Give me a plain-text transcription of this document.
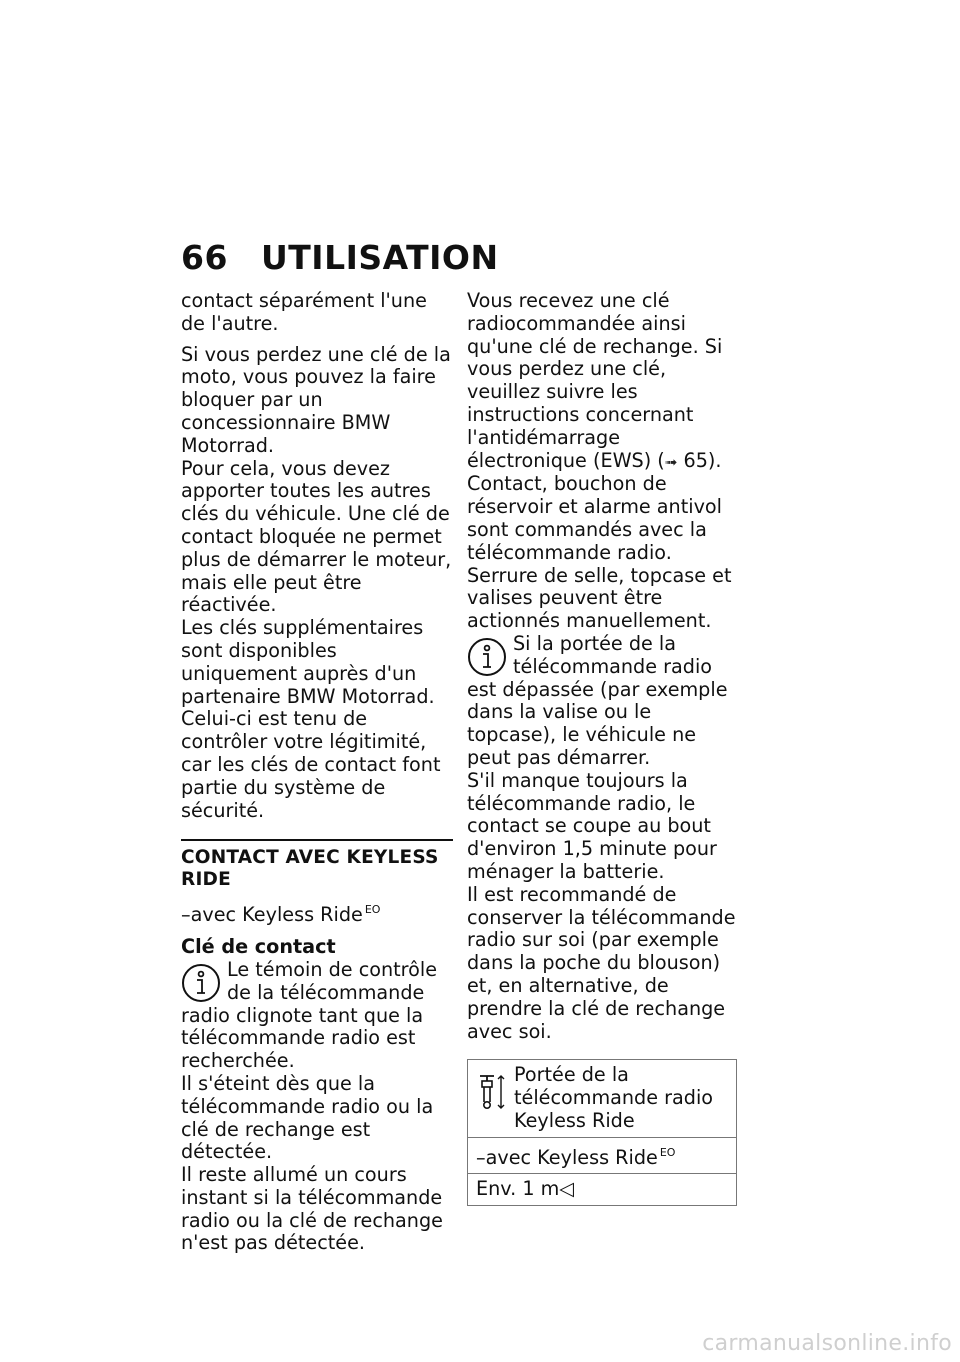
66 UTILISATION

contact séparément l'une de l'autre.

Si vous perdez une clé de la moto, vous pouvez la faire bloquer par un concessionnaire BMW Motorrad.

Pour cela, vous devez apporter toutes les autres clés du véhicule. Une clé de contact bloquée ne permet plus de démarrer le moteur, mais elle peut être réactivée.

Les clés supplémentaires sont disponibles uniquement auprès d'un partenaire BMW Motorrad. Celui-ci est tenu de contrôler votre légitimité, car les clés de contact font partie du système de sécurité.

CONTACT AVEC KEYLESS RIDE

–avec Keyless Ride $^{EO}$

Clé de contact

Le témoin de contrôle de la télécommande radio clignote tant que la télécommande radio est recherchée.

Il s'éteint dès que la télécommande radio ou la clé de rechange est détectée.

Il reste allumé un cours instant si la télécommande radio ou la clé de rechange n'est pas détectée.

Vous recevez une clé radiocommandée ainsi qu'une clé de rechange. Si vous perdez une clé, veuillez suivre les instructions concernant l'antidémarrage électronique (EWS) (➟ 65).

Contact, bouchon de réservoir et alarme antivol sont commandés avec la télécommande radio. Serrure de selle, topcase et valises peuvent être actionnés manuellement.

Si la portée de la télécommande radio est dépassée (par exemple dans la valise ou le topcase), le véhicule ne peut pas démarrer.

S'il manque toujours la télécommande radio, le contact se coupe au bout d'environ 1,5 minute pour ménager la batterie.

Il est recommandé de conserver la télécommande radio sur soi (par exemple dans la poche du blouson) et, en alternative, de prendre la clé de rechange avec soi.

Portée de la télécommande radio Keyless Ride
–avec Keyless Ride $^{EO}$
Env. 1 m◁
carmanualsonline.info
